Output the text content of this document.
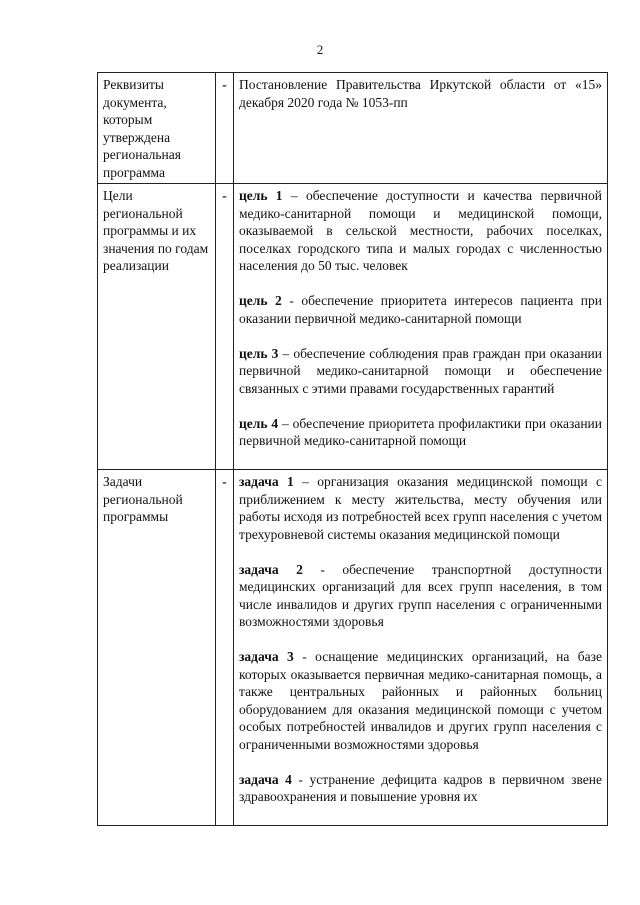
2
Реквизиты документа, которым утверждена региональная программа	-	Постановление Правительства Иркутской области от «15» декабря 2020 года № 1053-пп

Цели региональной программы и их значения по годам реализации	-	цель 1 – обеспечение доступности и качества первичной медико-санитарной помощи и медицинской помощи, оказываемой в сельской местности, рабочих поселках, поселках городского типа и малых городах с численностью населения до 50 тыс. человек

цель 2 - обеспечение приоритета интересов пациента при оказании первичной медико-санитарной помощи

цель 3 – обеспечение соблюдения прав граждан при оказании первичной медико-санитарной помощи и обеспечение связанных с этими правами государственных гарантий

цель 4 – обеспечение приоритета профилактики при оказании первичной медико-санитарной помощи

Задачи региональной программы	-	задача 1 – организация оказания медицинской помощи с приближением к месту жительства, месту обучения или работы исходя из потребностей всех групп населения с учетом трехуровневой системы оказания медицинской помощи

задача 2 - обеспечение транспортной доступности медицинских организаций для всех групп населения, в том числе инвалидов и других групп населения с ограниченными возможностями здоровья

задача 3 - оснащение медицинских организаций, на базе которых оказывается первичная медико-санитарная помощь, а также центральных районных и районных больниц оборудованием для оказания медицинской помощи с учетом особых потребностей инвалидов и других групп населения с ограниченными возможностями здоровья

задача 4 - устранение дефицита кадров в первичном звене здравоохранения и повышение уровня их
